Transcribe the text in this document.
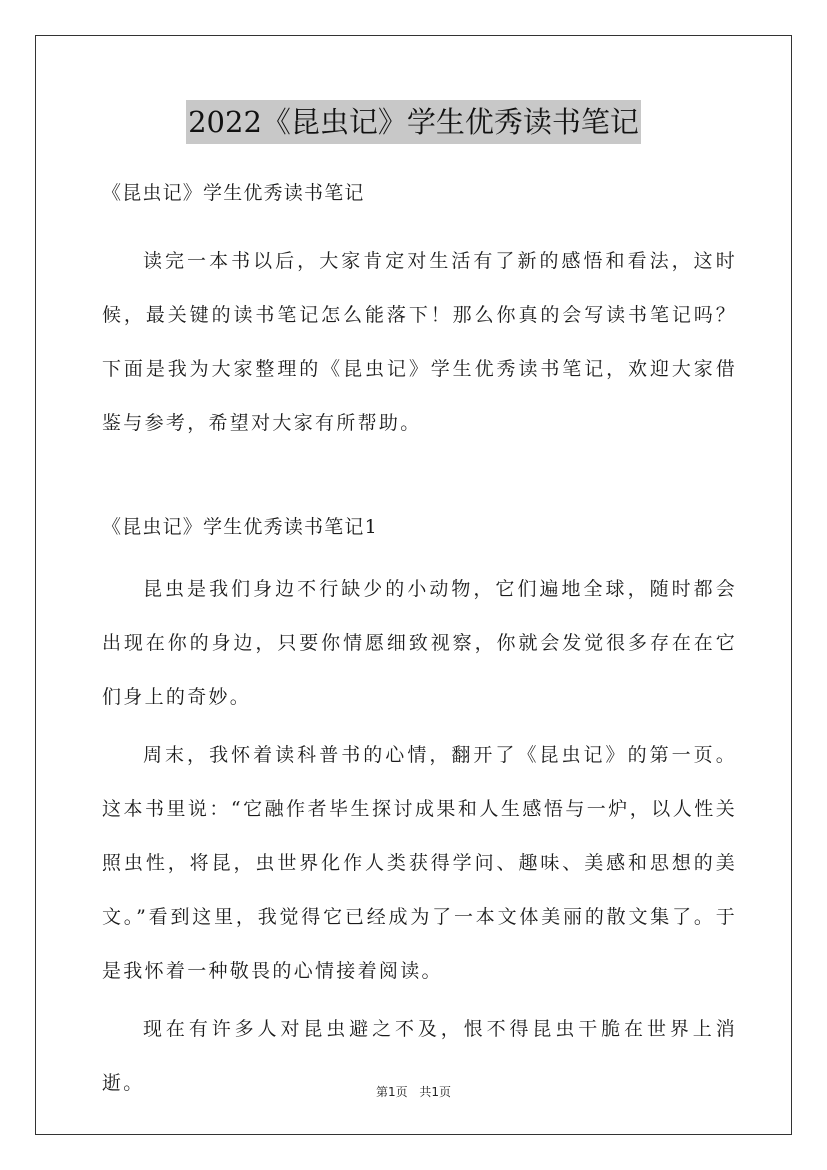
2022《昆虫记》学生优秀读书笔记

《昆虫记》学生优秀读书笔记

读完一本书以后，大家肯定对生活有了新的感悟和看法，这时候，最关键的读书笔记怎么能落下！那么你真的会写读书笔记吗？下面是我为大家整理的《昆虫记》学生优秀读书笔记，欢迎大家借鉴与参考，希望对大家有所帮助。

《昆虫记》学生优秀读书笔记1

昆虫是我们身边不行缺少的小动物，它们遍地全球，随时都会出现在你的身边，只要你情愿细致视察，你就会发觉很多存在在它们身上的奇妙。

周末，我怀着读科普书的心情，翻开了《昆虫记》的第一页。这本书里说：“它融作者毕生探讨成果和人生感悟与一炉，以人性关照虫性，将昆，虫世界化作人类获得学问、趣味、美感和思想的美文。”看到这里，我觉得它已经成为了一本文体美丽的散文集了。于是我怀着一种敬畏的心情接着阅读。

现在有许多人对昆虫避之不及，恨不得昆虫干脆在世界上消逝。	第1页 共1页
